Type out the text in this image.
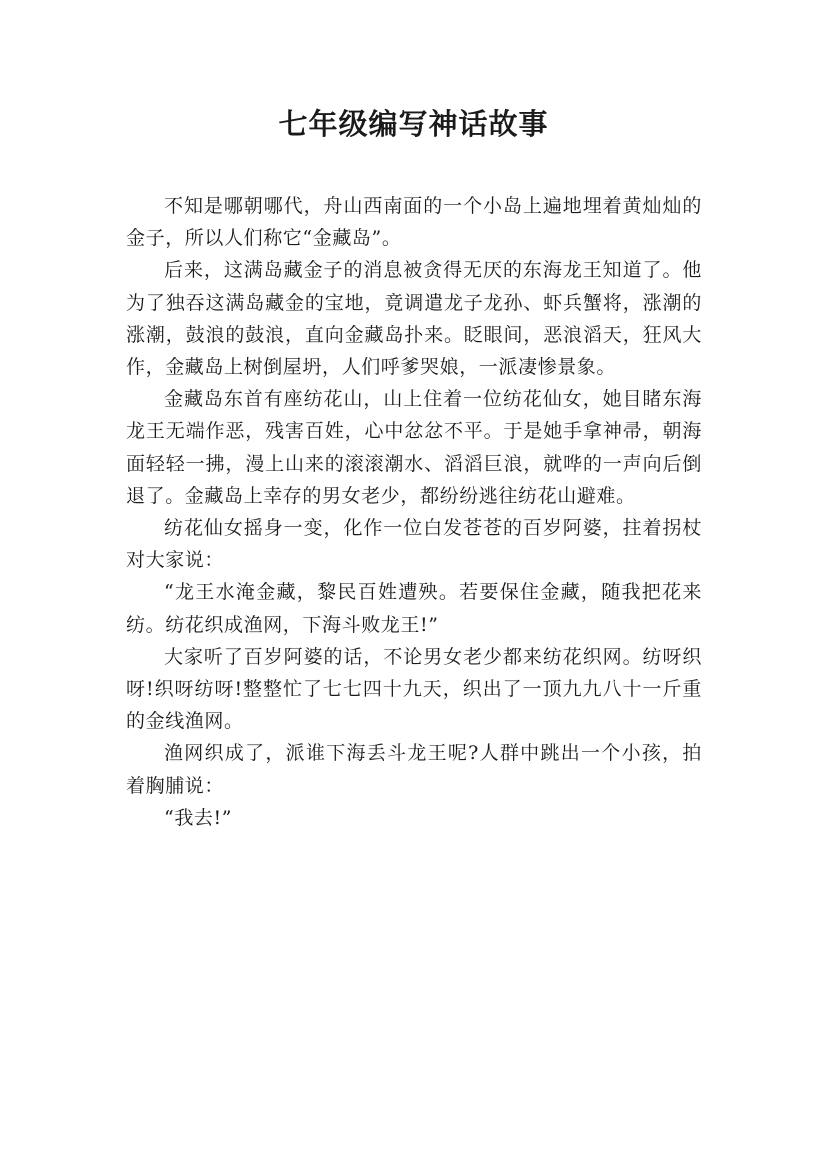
七年级编写神话故事

不知是哪朝哪代，舟山西南面的一个小岛上遍地埋着黄灿灿的金子，所以人们称它“金藏岛”。

后来，这满岛藏金子的消息被贪得无厌的东海龙王知道了。他为了独吞这满岛藏金的宝地，竟调遣龙子龙孙、虾兵蟹将，涨潮的涨潮，鼓浪的鼓浪，直向金藏岛扑来。眨眼间，恶浪滔天，狂风大作，金藏岛上树倒屋坍，人们呼爹哭娘，一派凄惨景象。

金藏岛东首有座纺花山，山上住着一位纺花仙女，她目睹东海龙王无端作恶，残害百姓，心中忿忿不平。于是她手拿神帚，朝海面轻轻一拂，漫上山来的滚滚潮水、滔滔巨浪，就哗的一声向后倒退了。金藏岛上幸存的男女老少，都纷纷逃往纺花山避难。

纺花仙女摇身一变，化作一位白发苍苍的百岁阿婆，拄着拐杖对大家说：

“龙王水淹金藏，黎民百姓遭殃。若要保住金藏，随我把花来纺。纺花织成渔网，下海斗败龙王!”

大家听了百岁阿婆的话，不论男女老少都来纺花织网。纺呀织呀!织呀纺呀!整整忙了七七四十九天，织出了一顶九九八十一斤重的金线渔网。

渔网织成了，派谁下海丢斗龙王呢?人群中跳出一个小孩，拍着胸脯说：

“我去!”
